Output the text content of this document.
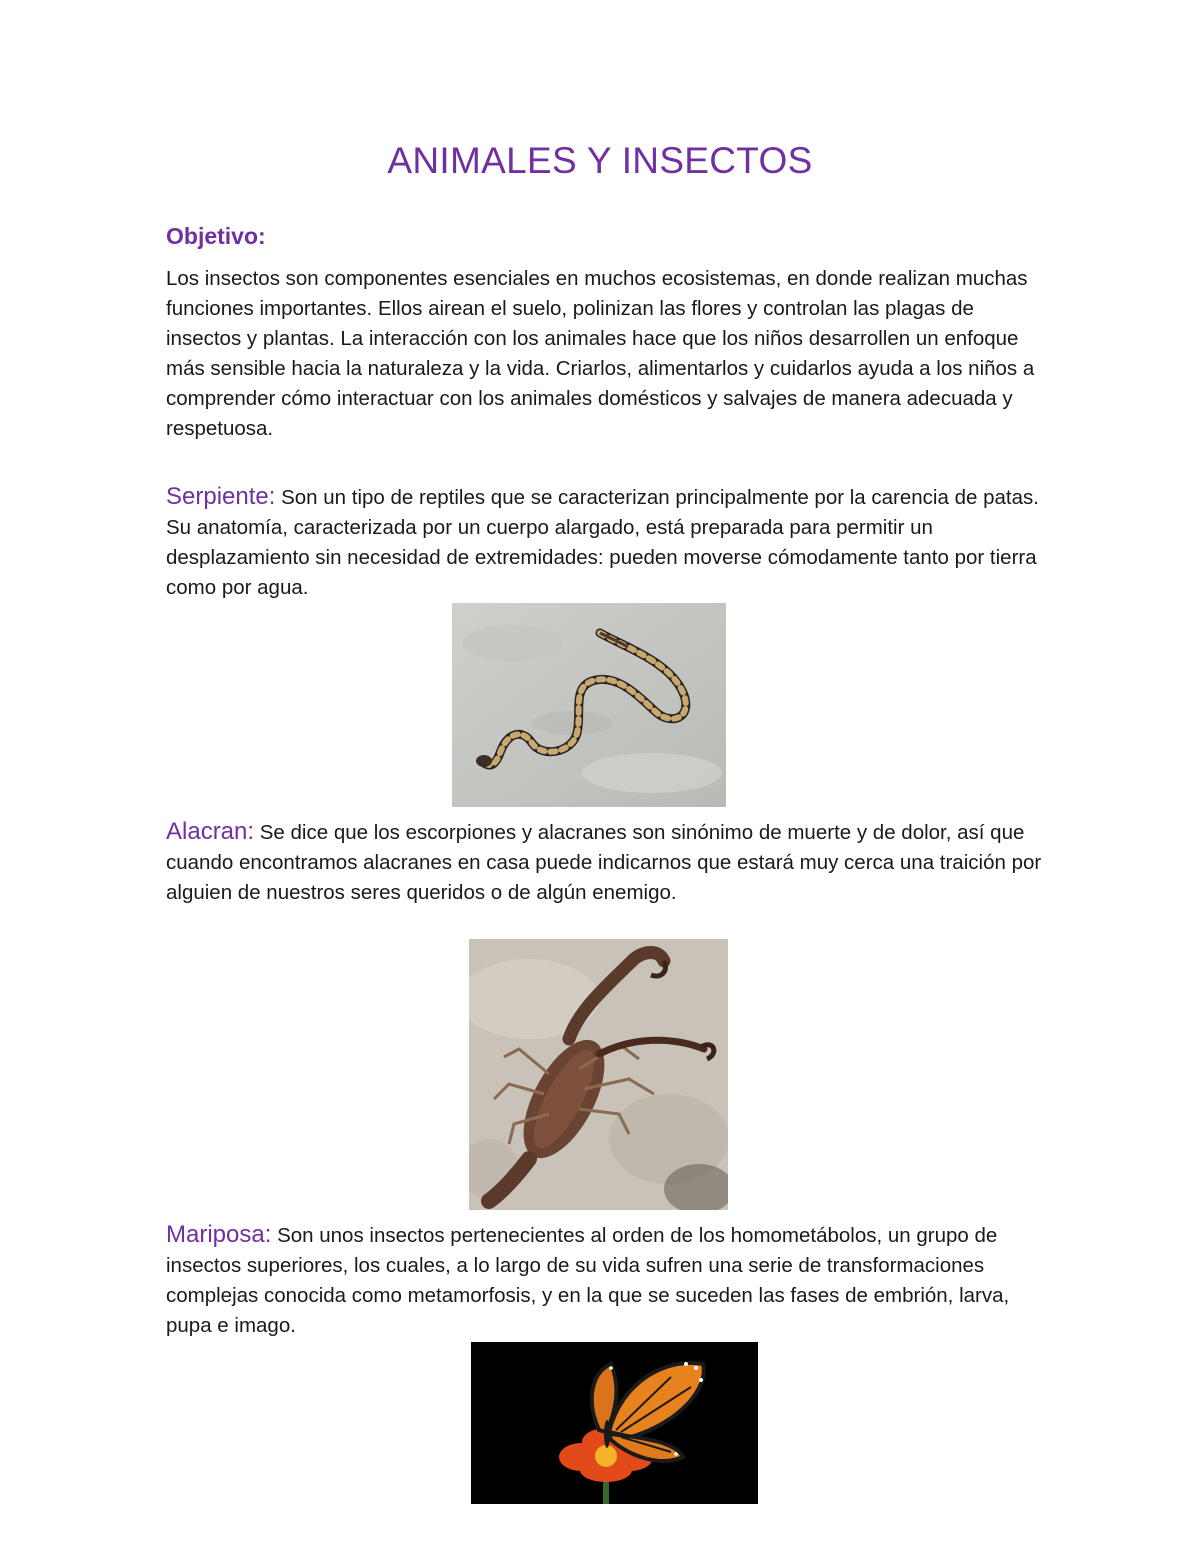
ANIMALES Y INSECTOS
Objetivo:

Los insectos son componentes esenciales en muchos ecosistemas, en donde realizan muchas funciones importantes. Ellos airean el suelo, polinizan las flores y controlan las plagas de insectos y plantas. La interacción con los animales hace que los niños desarrollen un enfoque más sensible hacia la naturaleza y la vida. Criarlos, alimentarlos y cuidarlos ayuda a los niños a comprender cómo interactuar con los animales domésticos y salvajes de manera adecuada y respetuosa.

Serpiente: Son un tipo de reptiles que se caracterizan principalmente por la carencia de patas. Su anatomía, caracterizada por un cuerpo alargado, está preparada para permitir un desplazamiento sin necesidad de extremidades: pueden moverse cómodamente tanto por tierra como por agua.

Alacran: Se dice que los escorpiones y alacranes son sinónimo de muerte y de dolor, así que cuando encontramos alacranes en casa puede indicarnos que estará muy cerca una traición por alguien de nuestros seres queridos o de algún enemigo.

Mariposa: Son unos insectos pertenecientes al orden de los homometábolos, un grupo de insectos superiores, los cuales, a lo largo de su vida sufren una serie de transformaciones complejas conocida como metamorfosis, y en la que se suceden las fases de embrión, larva, pupa e imago.
